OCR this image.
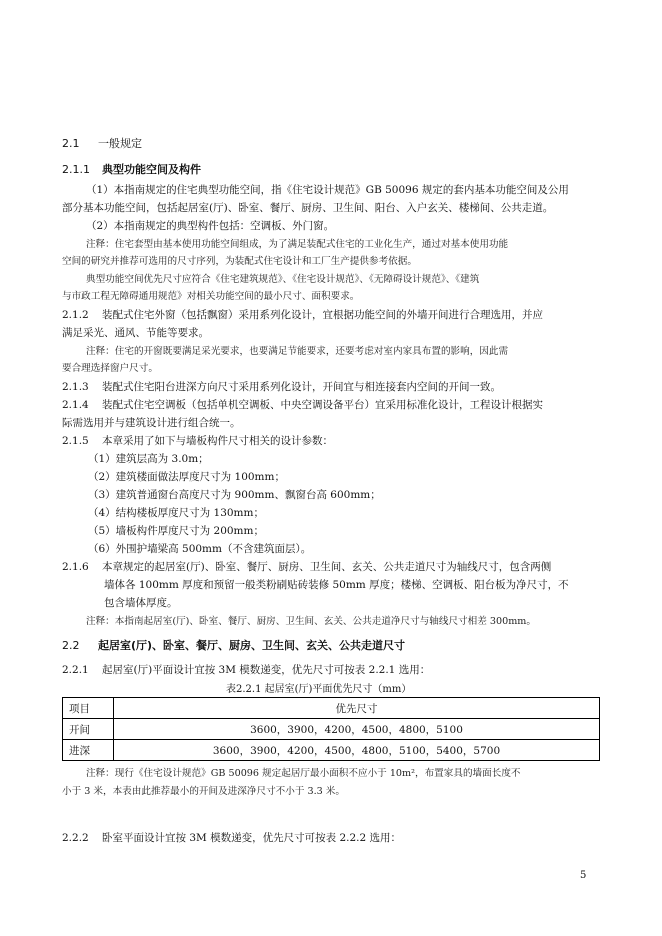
2.1 一般规定
2.1.1 典型功能空间及构件
（1）本指南规定的住宅典型功能空间，指《住宅设计规范》GB 50096 规定的套内基本功能空间及公用
部分基本功能空间，包括起居室(厅)、卧室、餐厅、厨房、卫生间、阳台、入户玄关、楼梯间、公共走道。
（2）本指南规定的典型构件包括：空调板、外门窗。
注释：住宅套型由基本使用功能空间组成，为了满足装配式住宅的工业化生产，通过对基本使用功能
空间的研究并推荐可选用的尺寸序列，为装配式住宅设计和工厂生产提供参考依据。
典型功能空间优先尺寸应符合《住宅建筑规范》、《住宅设计规范》、《无障碍设计规范》、《建筑
与市政工程无障碍通用规范》对相关功能空间的最小尺寸、面积要求。
2.1.2 装配式住宅外窗（包括飘窗）采用系列化设计，宜根据功能空间的外墙开间进行合理选用，并应
满足采光、通风、节能等要求。
注释：住宅的开窗既要满足采光要求，也要满足节能要求，还要考虑对室内家具布置的影响，因此需
要合理选择窗户尺寸。
2.1.3 装配式住宅阳台进深方向尺寸采用系列化设计，开间宜与相连接套内空间的开间一致。
2.1.4 装配式住宅空调板（包括单机空调板、中央空调设备平台）宜采用标准化设计，工程设计根据实
际需选用并与建筑设计进行组合统一。
2.1.5 本章采用了如下与墙板构件尺寸相关的设计参数：
（1）建筑层高为 3.0m；
（2）建筑楼面做法厚度尺寸为 100mm；
（3）建筑普通窗台高度尺寸为 900mm、飘窗台高 600mm；
（4）结构楼板厚度尺寸为 130mm；
（5）墙板构件厚度尺寸为 200mm；
（6）外围护墙梁高 500mm（不含建筑面层）。
2.1.6 本章规定的起居室(厅)、卧室、餐厅、厨房、卫生间、玄关、公共走道尺寸为轴线尺寸，包含两侧
墙体各 100mm 厚度和预留一般类粉刷贴砖装修 50mm 厚度；楼梯、空调板、阳台板为净尺寸，不
包含墙体厚度。
注释：本指南起居室(厅)、卧室、餐厅、厨房、卫生间、玄关、公共走道净尺寸与轴线尺寸相差 300mm。
2.2 起居室(厅)、卧室、餐厅、厨房、卫生间、玄关、公共走道尺寸
2.2.1 起居室(厅)平面设计宜按 3M 模数递变，优先尺寸可按表 2.2.1 选用：
表2.2.1 起居室(厅)平面优先尺寸（mm）
项目	优先尺寸
开间	3600，3900，4200，4500，4800，5100
进深	3600，3900，4200，4500，4800，5100，5400，5700
注释：现行《住宅设计规范》GB 50096 规定起居厅最小面积不应小于 10m²，布置家具的墙面长度不
小于 3 米，本表由此推荐最小的开间及进深净尺寸不小于 3.3 米。
2.2.2 卧室平面设计宜按 3M 模数递变，优先尺寸可按表 2.2.2 选用：
5
